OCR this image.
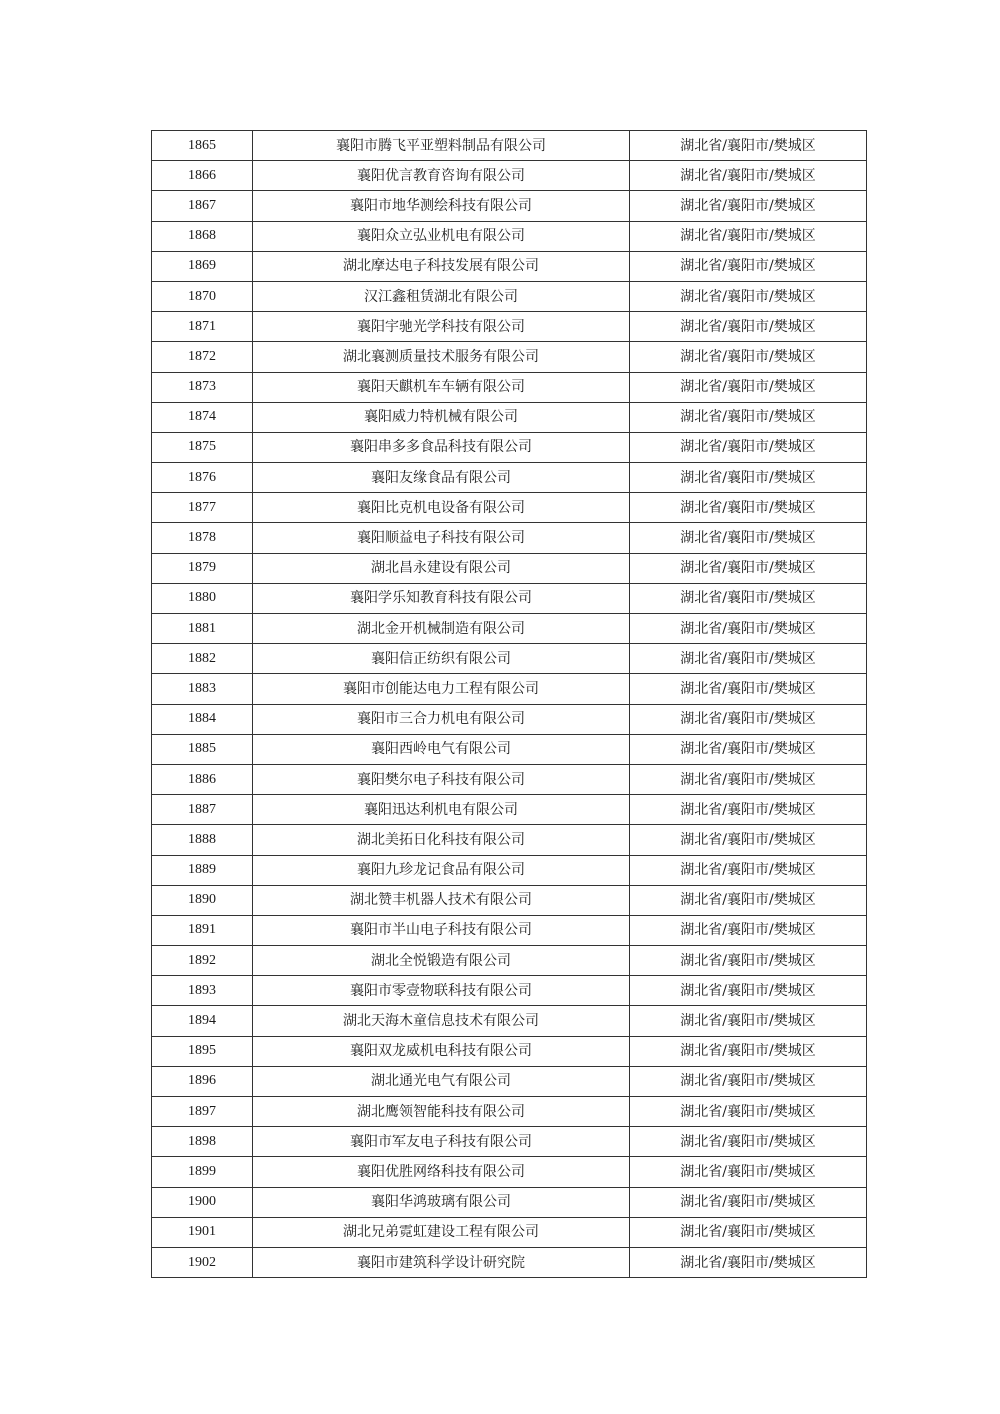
1865	襄阳市腾飞平亚塑料制品有限公司	湖北省/襄阳市/樊城区
1866	襄阳优言教育咨询有限公司	湖北省/襄阳市/樊城区
1867	襄阳市地华测绘科技有限公司	湖北省/襄阳市/樊城区
1868	襄阳众立弘业机电有限公司	湖北省/襄阳市/樊城区
1869	湖北摩达电子科技发展有限公司	湖北省/襄阳市/樊城区
1870	汉江鑫租赁湖北有限公司	湖北省/襄阳市/樊城区
1871	襄阳宇驰光学科技有限公司	湖北省/襄阳市/樊城区
1872	湖北襄测质量技术服务有限公司	湖北省/襄阳市/樊城区
1873	襄阳天麒机车车辆有限公司	湖北省/襄阳市/樊城区
1874	襄阳威力特机械有限公司	湖北省/襄阳市/樊城区
1875	襄阳串多多食品科技有限公司	湖北省/襄阳市/樊城区
1876	襄阳友缘食品有限公司	湖北省/襄阳市/樊城区
1877	襄阳比克机电设备有限公司	湖北省/襄阳市/樊城区
1878	襄阳顺益电子科技有限公司	湖北省/襄阳市/樊城区
1879	湖北昌永建设有限公司	湖北省/襄阳市/樊城区
1880	襄阳学乐知教育科技有限公司	湖北省/襄阳市/樊城区
1881	湖北金开机械制造有限公司	湖北省/襄阳市/樊城区
1882	襄阳信正纺织有限公司	湖北省/襄阳市/樊城区
1883	襄阳市创能达电力工程有限公司	湖北省/襄阳市/樊城区
1884	襄阳市三合力机电有限公司	湖北省/襄阳市/樊城区
1885	襄阳西岭电气有限公司	湖北省/襄阳市/樊城区
1886	襄阳樊尔电子科技有限公司	湖北省/襄阳市/樊城区
1887	襄阳迅达利机电有限公司	湖北省/襄阳市/樊城区
1888	湖北美拓日化科技有限公司	湖北省/襄阳市/樊城区
1889	襄阳九珍龙记食品有限公司	湖北省/襄阳市/樊城区
1890	湖北赞丰机器人技术有限公司	湖北省/襄阳市/樊城区
1891	襄阳市半山电子科技有限公司	湖北省/襄阳市/樊城区
1892	湖北全悦锻造有限公司	湖北省/襄阳市/樊城区
1893	襄阳市零壹物联科技有限公司	湖北省/襄阳市/樊城区
1894	湖北天海木童信息技术有限公司	湖北省/襄阳市/樊城区
1895	襄阳双龙威机电科技有限公司	湖北省/襄阳市/樊城区
1896	湖北通光电气有限公司	湖北省/襄阳市/樊城区
1897	湖北鹰领智能科技有限公司	湖北省/襄阳市/樊城区
1898	襄阳市军友电子科技有限公司	湖北省/襄阳市/樊城区
1899	襄阳优胜网络科技有限公司	湖北省/襄阳市/樊城区
1900	襄阳华鸿玻璃有限公司	湖北省/襄阳市/樊城区
1901	湖北兄弟霓虹建设工程有限公司	湖北省/襄阳市/樊城区
1902	襄阳市建筑科学设计研究院	湖北省/襄阳市/樊城区
